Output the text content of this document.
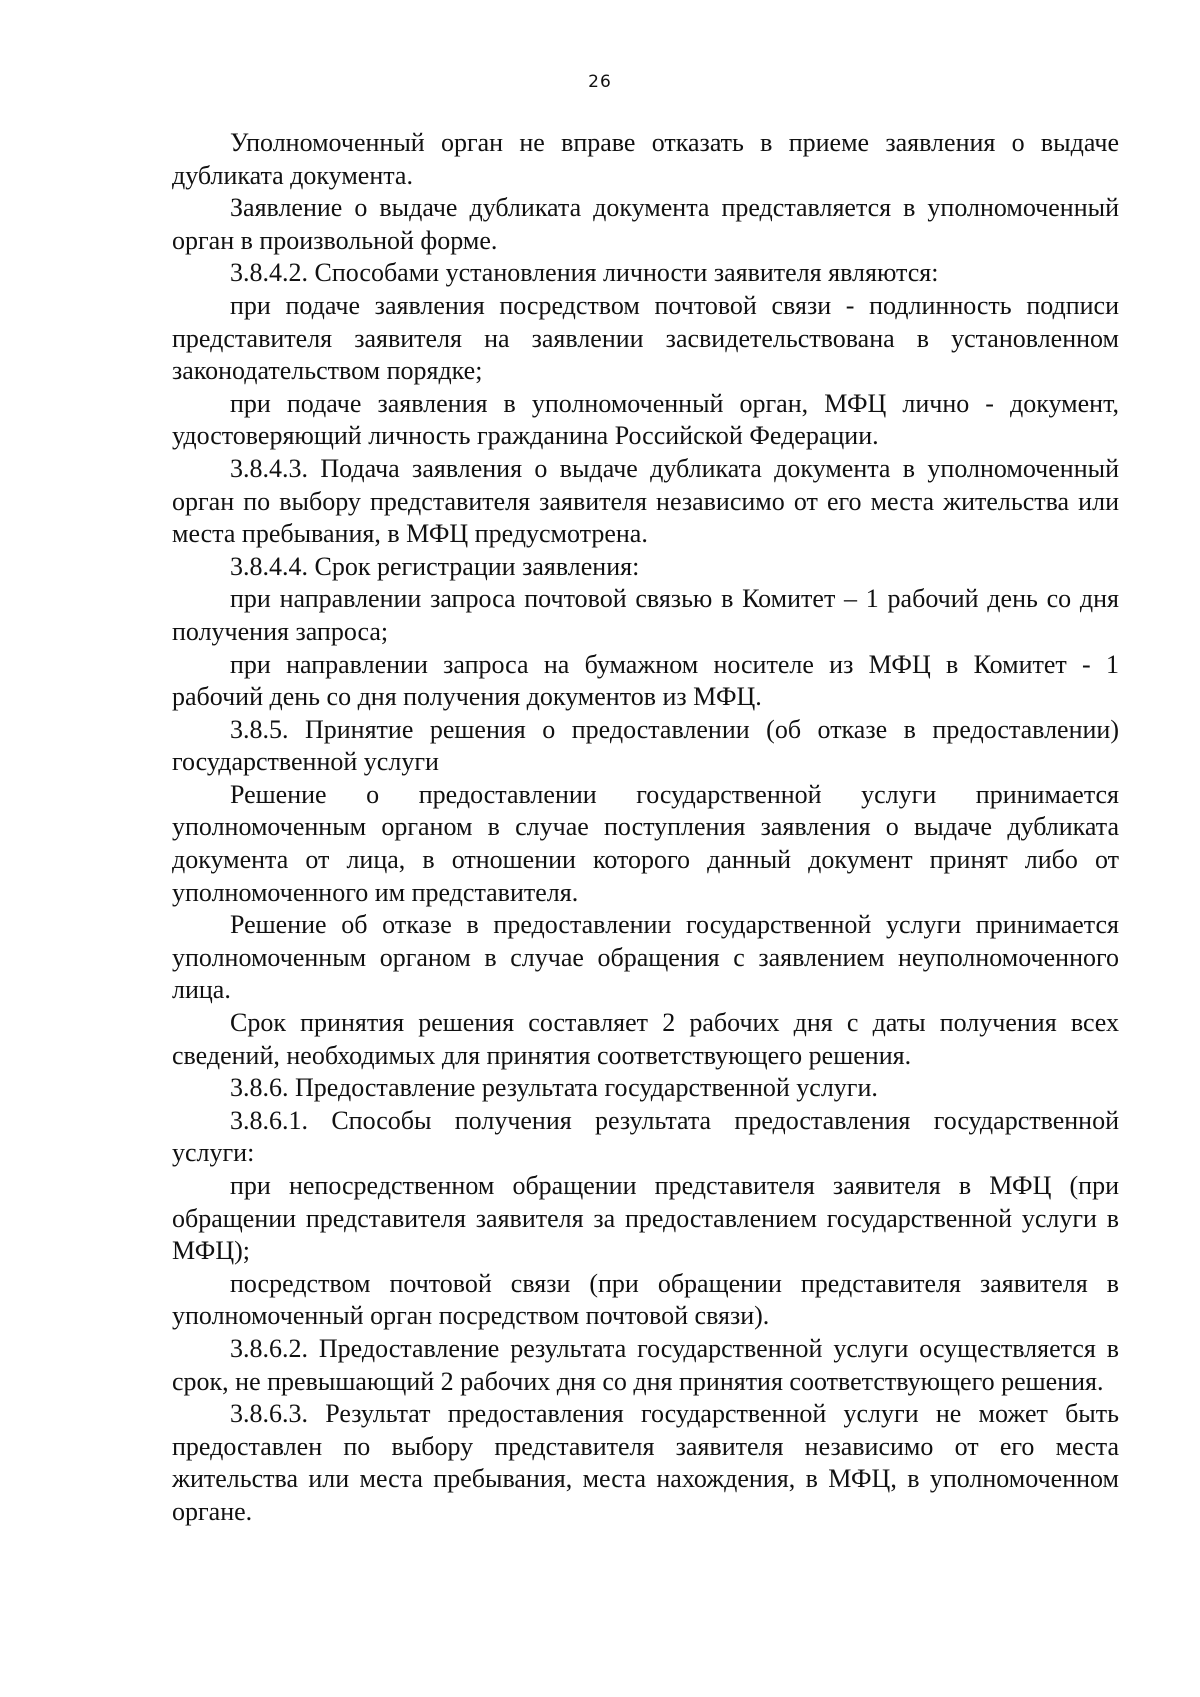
26

Уполномоченный орган не вправе отказать в приеме заявления о выдаче дубликата документа.

Заявление о выдаче дубликата документа представляется в уполномоченный орган в произвольной форме.

3.8.4.2. Способами установления личности заявителя являются:

при подаче заявления посредством почтовой связи - подлинность подписи представителя заявителя на заявлении засвидетельствована в установленном законодательством порядке;

при подаче заявления в уполномоченный орган, МФЦ лично - документ, удостоверяющий личность гражданина Российской Федерации.

3.8.4.3. Подача заявления о выдаче дубликата документа в уполномоченный орган по выбору представителя заявителя независимо от его места жительства или места пребывания, в МФЦ предусмотрена.

3.8.4.4. Срок регистрации заявления:

при направлении запроса почтовой связью в Комитет – 1 рабочий день со дня получения запроса;

при направлении запроса на бумажном носителе из МФЦ в Комитет - 1 рабочий день со дня получения документов из МФЦ.

3.8.5. Принятие решения о предоставлении (об отказе в предоставлении) государственной услуги

Решение о предоставлении государственной услуги принимается уполномоченным органом в случае поступления заявления о выдаче дубликата документа от лица, в отношении которого данный документ принят либо от уполномоченного им представителя.

Решение об отказе в предоставлении государственной услуги принимается уполномоченным органом в случае обращения с заявлением неуполномоченного лица.

Срок принятия решения составляет 2 рабочих дня с даты получения всех сведений, необходимых для принятия соответствующего решения.

3.8.6. Предоставление результата государственной услуги.

3.8.6.1. Способы получения результата предоставления государственной услуги:

при непосредственном обращении представителя заявителя в МФЦ (при обращении представителя заявителя за предоставлением государственной услуги в МФЦ);

посредством почтовой связи (при обращении представителя заявителя в уполномоченный орган посредством почтовой связи).

3.8.6.2. Предоставление результата государственной услуги осуществляется в срок, не превышающий 2 рабочих дня со дня принятия соответствующего решения.

3.8.6.3. Результат предоставления государственной услуги не может быть предоставлен по выбору представителя заявителя независимо от его места жительства или места пребывания, места нахождения, в МФЦ, в уполномоченном органе.
